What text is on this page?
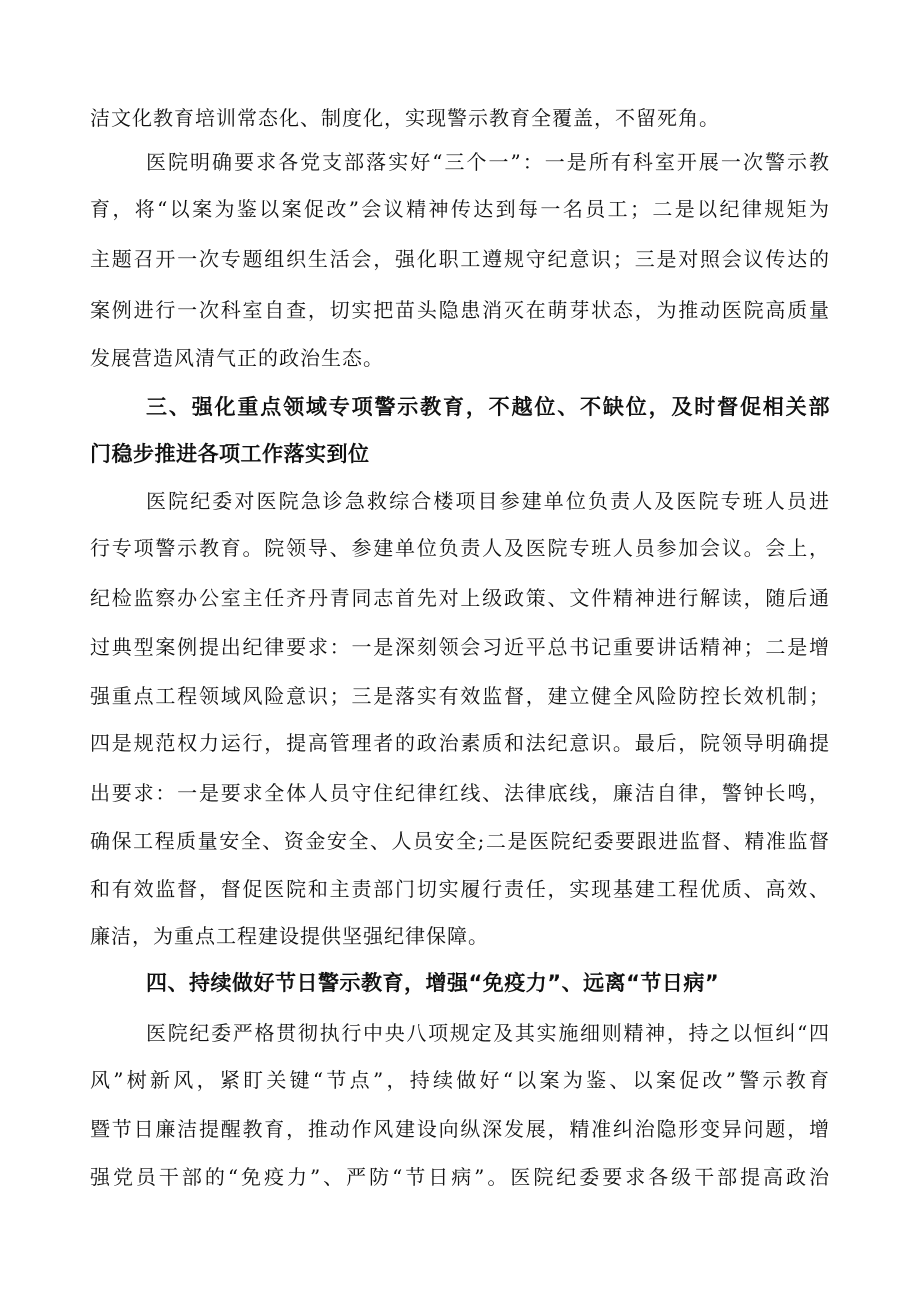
洁文化教育培训常态化、制度化，实现警示教育全覆盖，不留死角。
医院明确要求各党支部落实好“三个一”：一是所有科室开展一次警示教
育，将“以案为鉴以案促改”会议精神传达到每一名员工；二是以纪律规矩为
主题召开一次专题组织生活会，强化职工遵规守纪意识；三是对照会议传达的
案例进行一次科室自查，切实把苗头隐患消灭在萌芽状态，为推动医院高质量
发展营造风清气正的政治生态。
三、强化重点领域专项警示教育，不越位、不缺位，及时督促相关部
门稳步推进各项工作落实到位
医院纪委对医院急诊急救综合楼项目参建单位负责人及医院专班人员进
行专项警示教育。院领导、参建单位负责人及医院专班人员参加会议。会上，
纪检监察办公室主任齐丹青同志首先对上级政策、文件精神进行解读，随后通
过典型案例提出纪律要求：一是深刻领会习近平总书记重要讲话精神；二是增
强重点工程领域风险意识；三是落实有效监督，建立健全风险防控长效机制；
四是规范权力运行，提高管理者的政治素质和法纪意识。最后，院领导明确提
出要求：一是要求全体人员守住纪律红线、法律底线，廉洁自律，警钟长鸣，
确保工程质量安全、资金安全、人员安全;二是医院纪委要跟进监督、精准监督
和有效监督，督促医院和主责部门切实履行责任，实现基建工程优质、高效、
廉洁，为重点工程建设提供坚强纪律保障。
四、持续做好节日警示教育，增强“免疫力”、远离“节日病”
医院纪委严格贯彻执行中央八项规定及其实施细则精神，持之以恒纠“四
风”树新风，紧盯关键“节点”，持续做好“以案为鉴、以案促改”警示教育
暨节日廉洁提醒教育，推动作风建设向纵深发展，精准纠治隐形变异问题，增
强党员干部的“免疫力”、严防“节日病”。医院纪委要求各级干部提高政治
